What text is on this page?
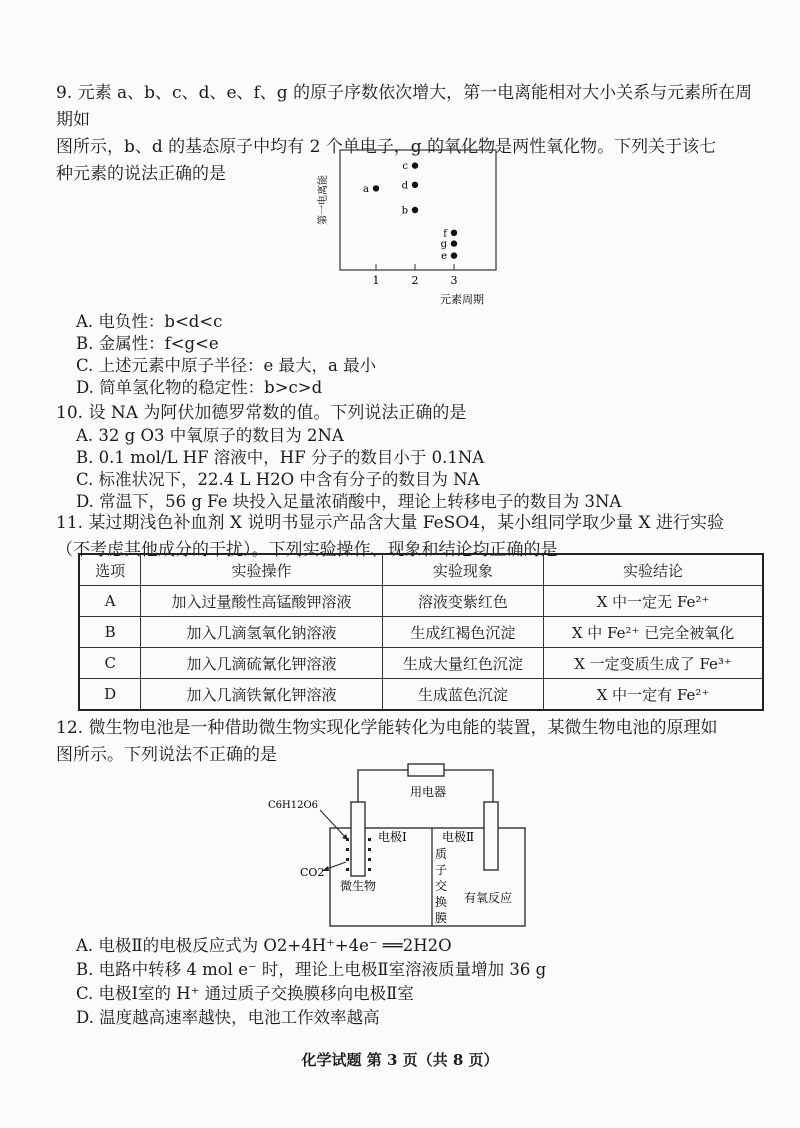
9. 元素 a、b、c、d、e、f、g 的原子序数依次增大，第一电离能相对大小关系与元素所在周期如
图所示，b、d 的基态原子中均有 2 个单电子，g 的氧化物是两性氧化物。下列关于该七
种元素的说法正确的是
第一电离能
1	2	3
a
c
d
b
f
g
e
元素周期
A. 电负性：b<d<c
B. 金属性：f<g<e
C. 上述元素中原子半径：e 最大，a 最小
D. 简单氢化物的稳定性：b>c>d
10. 设 NA 为阿伏加德罗常数的值。下列说法正确的是
A. 32 g O3 中氧原子的数目为 2NA
B. 0.1 mol/L HF 溶液中，HF 分子的数目小于 0.1NA
C. 标准状况下，22.4 L H2O 中含有分子的数目为 NA
D. 常温下，56 g Fe 块投入足量浓硝酸中，理论上转移电子的数目为 3NA
11. 某过期浅色补血剂 X 说明书显示产品含大量 FeSO4，某小组同学取少量 X 进行实验
（不考虑其他成分的干扰）。下列实验操作、现象和结论均正确的是
选项	实验操作	实验现象	实验结论
A	加入过量酸性高锰酸钾溶液	溶液变紫红色	X 中一定无 Fe²⁺
B	加入几滴氢氧化钠溶液	生成红褐色沉淀	X 中 Fe²⁺ 已完全被氧化
C	加入几滴硫氰化钾溶液	生成大量红色沉淀	X 一定变质生成了 Fe³⁺
D	加入几滴铁氰化钾溶液	生成蓝色沉淀	X 中一定有 Fe²⁺
12. 微生物电池是一种借助微生物实现化学能转化为电能的装置，某微生物电池的原理如
图所示。下列说法不正确的是
用电器
C6H12O6
CO2
电极Ⅰ	电极Ⅱ
质
子
交
换
膜
微生物
有氧反应
A. 电极Ⅱ的电极反应式为 O2+4H⁺+4e⁻ ══2H2O
B. 电路中转移 4 mol e⁻ 时，理论上电极Ⅱ室溶液质量增加 36 g
C. 电极Ⅰ室的 H⁺ 通过质子交换膜移向电极Ⅱ室
D. 温度越高速率越快，电池工作效率越高
化学试题 第 3 页（共 8 页）
